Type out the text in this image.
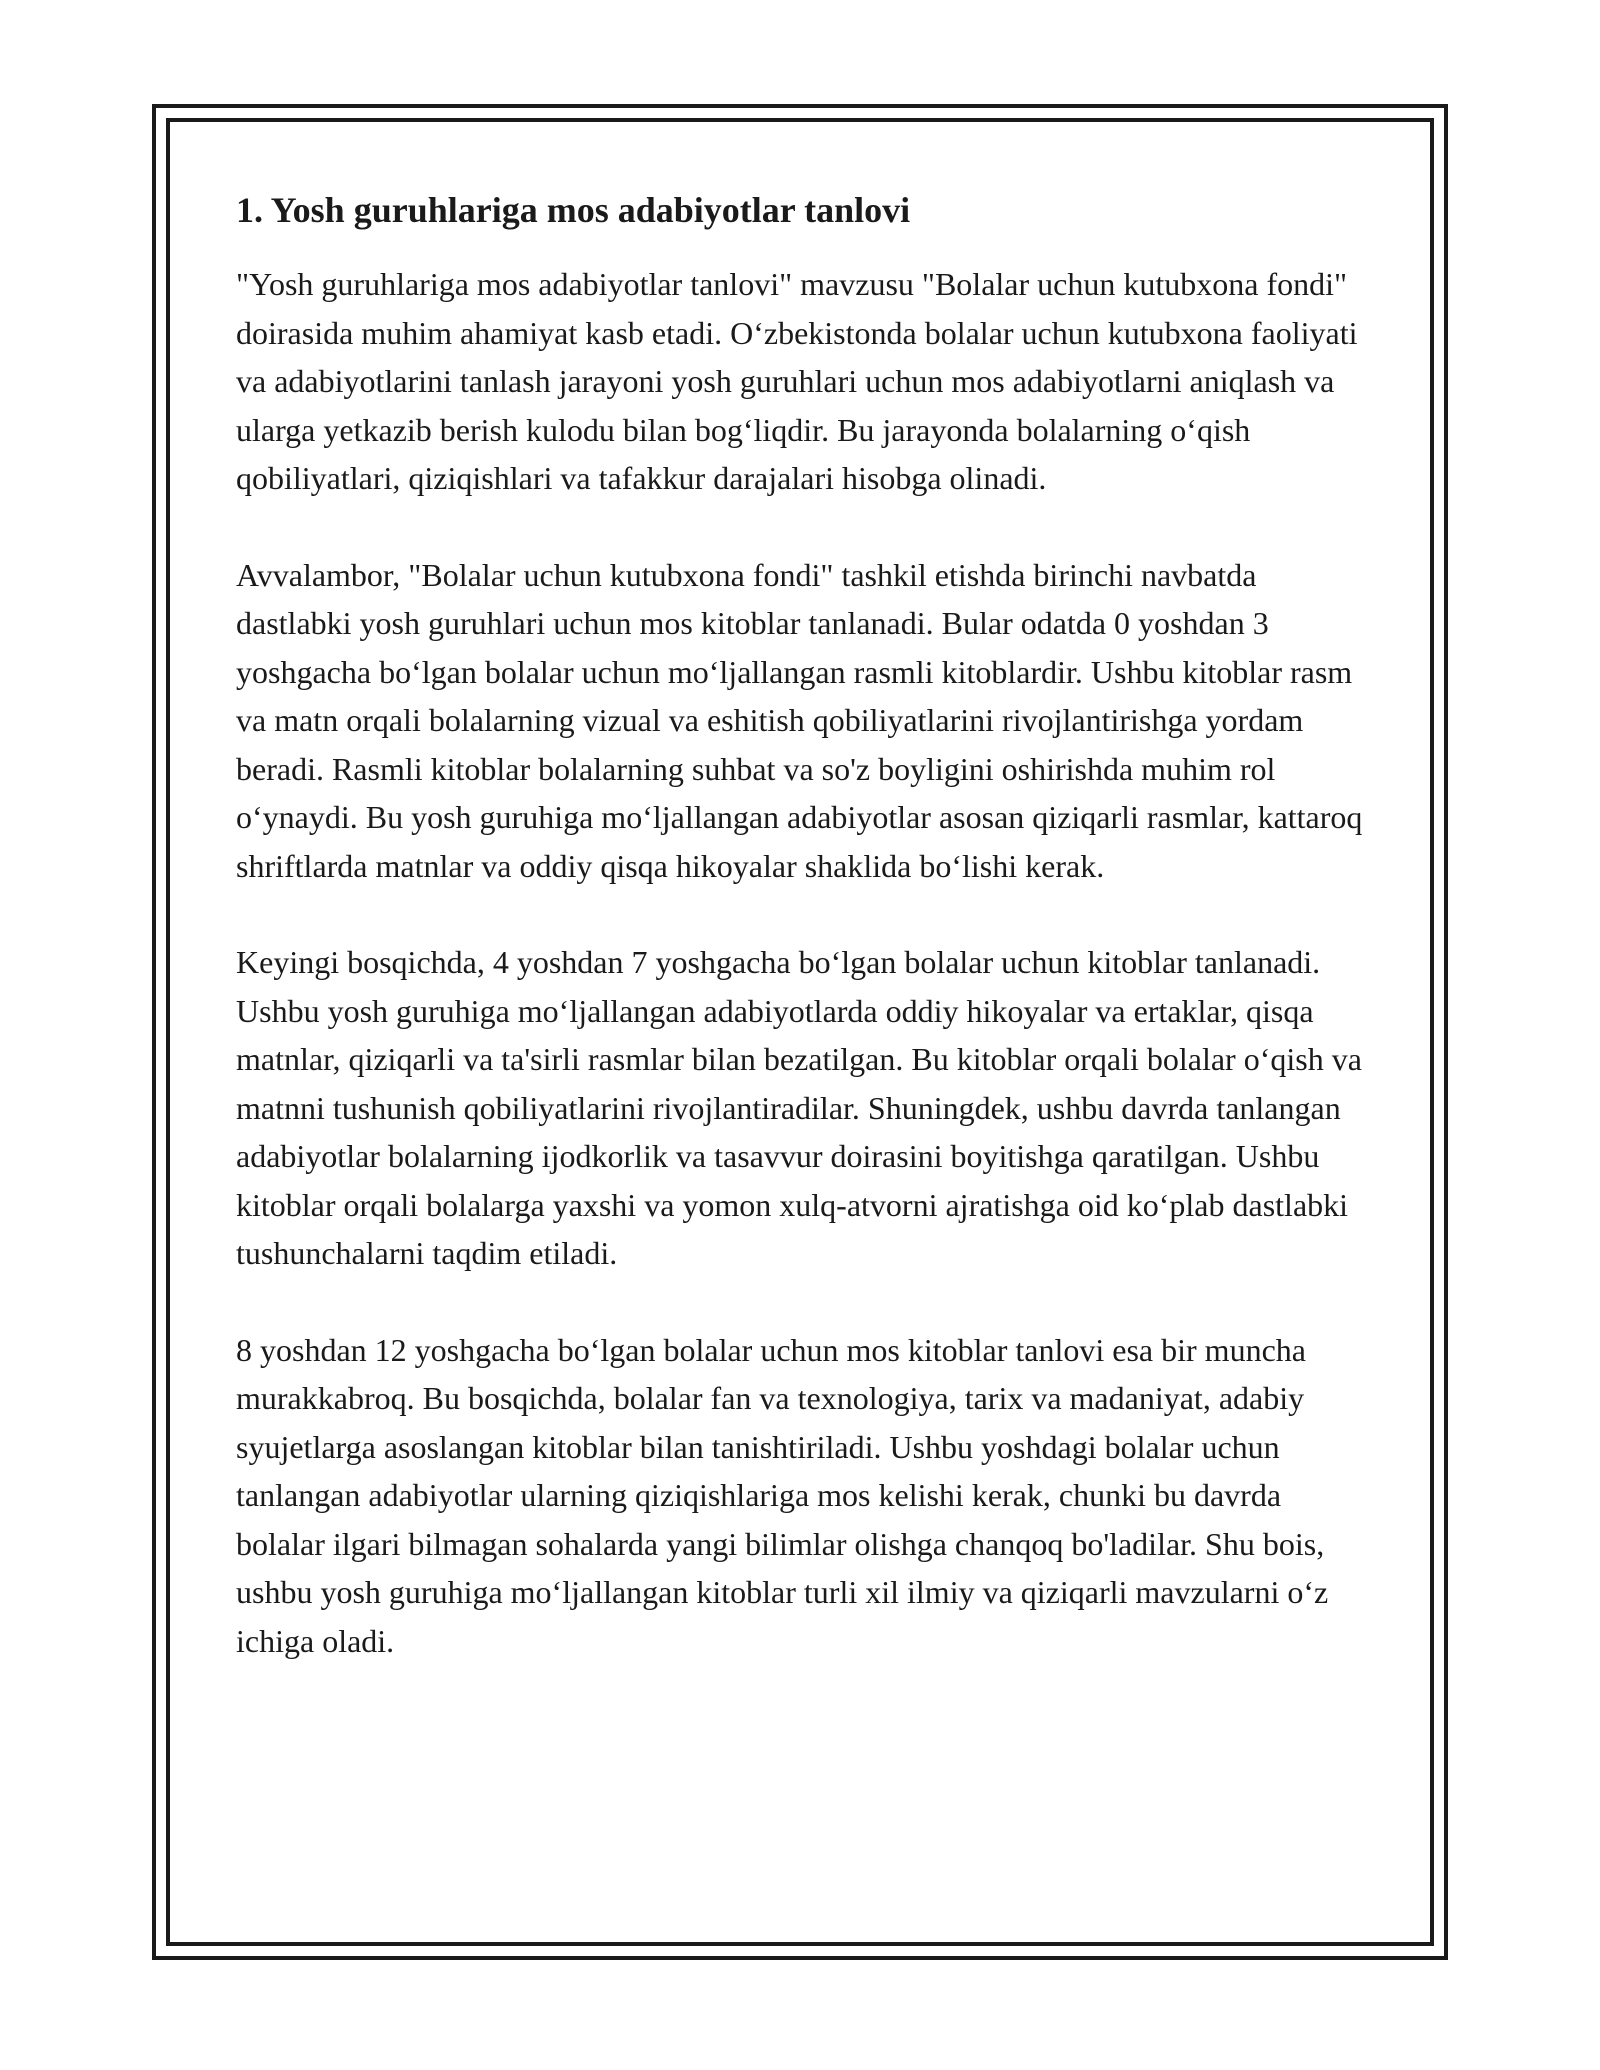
1. Yosh guruhlariga mos adabiyotlar tanlovi

"Yosh guruhlariga mos adabiyotlar tanlovi" mavzusu "Bolalar uchun kutubxona fondi" doirasida muhim ahamiyat kasb etadi. Oʻzbekistonda bolalar uchun kutubxona faoliyati va adabiyotlarini tanlash jarayoni yosh guruhlari uchun mos adabiyotlarni aniqlash va ularga yetkazib berish kulodu bilan bogʻliqdir. Bu jarayonda bolalarning oʻqish qobiliyatlari, qiziqishlari va tafakkur darajalari hisobga olinadi.

Avvalambor, "Bolalar uchun kutubxona fondi" tashkil etishda birinchi navbatda dastlabki yosh guruhlari uchun mos kitoblar tanlanadi. Bular odatda 0 yoshdan 3 yoshgacha boʻlgan bolalar uchun moʻljallangan rasmli kitoblardir. Ushbu kitoblar rasm va matn orqali bolalarning vizual va eshitish qobiliyatlarini rivojlantirishga yordam beradi. Rasmli kitoblar bolalarning suhbat va so'z boyligini oshirishda muhim rol oʻynaydi. Bu yosh guruhiga moʻljallangan adabiyotlar asosan qiziqarli rasmlar, kattaroq shriftlarda matnlar va oddiy qisqa hikoyalar shaklida boʻlishi kerak.

Keyingi bosqichda, 4 yoshdan 7 yoshgacha boʻlgan bolalar uchun kitoblar tanlanadi. Ushbu yosh guruhiga moʻljallangan adabiyotlarda oddiy hikoyalar va ertaklar, qisqa matnlar, qiziqarli va ta'sirli rasmlar bilan bezatilgan. Bu kitoblar orqali bolalar oʻqish va matnni tushunish qobiliyatlarini rivojlantiradilar. Shuningdek, ushbu davrda tanlangan adabiyotlar bolalarning ijodkorlik va tasavvur doirasini boyitishga qaratilgan. Ushbu kitoblar orqali bolalarga yaxshi va yomon xulq-atvorni ajratishga oid koʻplab dastlabki tushunchalarni taqdim etiladi.

8 yoshdan 12 yoshgacha boʻlgan bolalar uchun mos kitoblar tanlovi esa bir muncha murakkabroq. Bu bosqichda, bolalar fan va texnologiya, tarix va madaniyat, adabiy syujetlarga asoslangan kitoblar bilan tanishtiriladi. Ushbu yoshdagi bolalar uchun tanlangan adabiyotlar ularning qiziqishlariga mos kelishi kerak, chunki bu davrda bolalar ilgari bilmagan sohalarda yangi bilimlar olishga chanqoq bo'ladilar. Shu bois, ushbu yosh guruhiga moʻljallangan kitoblar turli xil ilmiy va qiziqarli mavzularni oʻz ichiga oladi.
